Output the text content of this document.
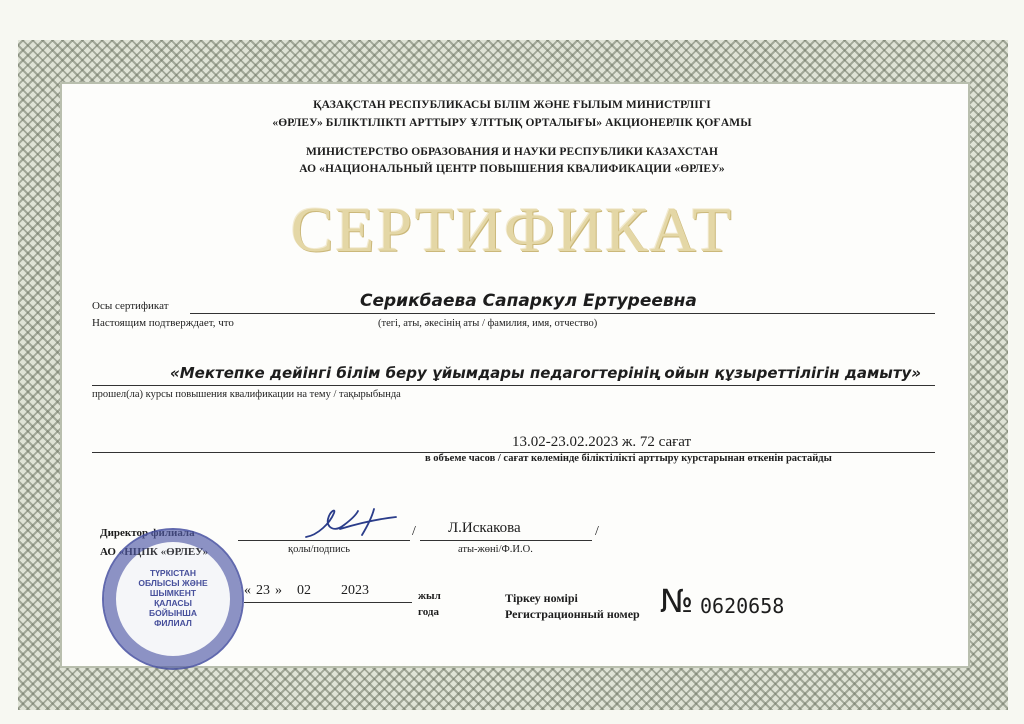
ҚАЗАҚСТАН РЕСПУБЛИКАСЫ БІЛІМ ЖӘНЕ ҒЫЛЫМ МИНИСТРЛІГІ

«ӨРЛЕУ» БІЛІКТІЛІКТІ АРТТЫРУ ҰЛТТЫҚ ОРТАЛЫҒЫ» АКЦИОНЕРЛІК ҚОҒАМЫ

МИНИСТЕРСТВО ОБРАЗОВАНИЯ И НАУКИ РЕСПУБЛИКИ КАЗАХСТАН

АО «НАЦИОНАЛЬНЫЙ ЦЕНТР ПОВЫШЕНИЯ КВАЛИФИКАЦИИ «ӨРЛЕУ»

СЕРТИФИКАТ
Осы сертификат	Серикбаева Сапаркул Ертуреевна
Настоящим подтверждает, что	(тегі, аты, әкесінің аты / фамилия, имя, отчество)
«Мектепке дейінгі білім беру ұйымдары педагогтерінің ойын құзыреттілігін дамыту»
прошел(ла) курсы повышения квалификации на тему / тақырыбында
13.02-23.02.2023 ж. 72 сағат
в объеме часов / сағат көлемінде біліктілікті арттыру курстарынан өткенін растайды
Директор филиала
АО «НЦПК «ӨРЛЕУ»	қолы/подпись
/ Л.Искакова	/
аты-жөні/Ф.И.О.
« 23 » 02 2023	жыл
года
Тіркеу номірі
Регистрационный номер № 0620658
ТҮРКІСТАН ОБЛЫСЫ ЖӘНЕ ШЫМКЕНТ ҚАЛАСЫ БОЙЫНША ФИЛИАЛ
